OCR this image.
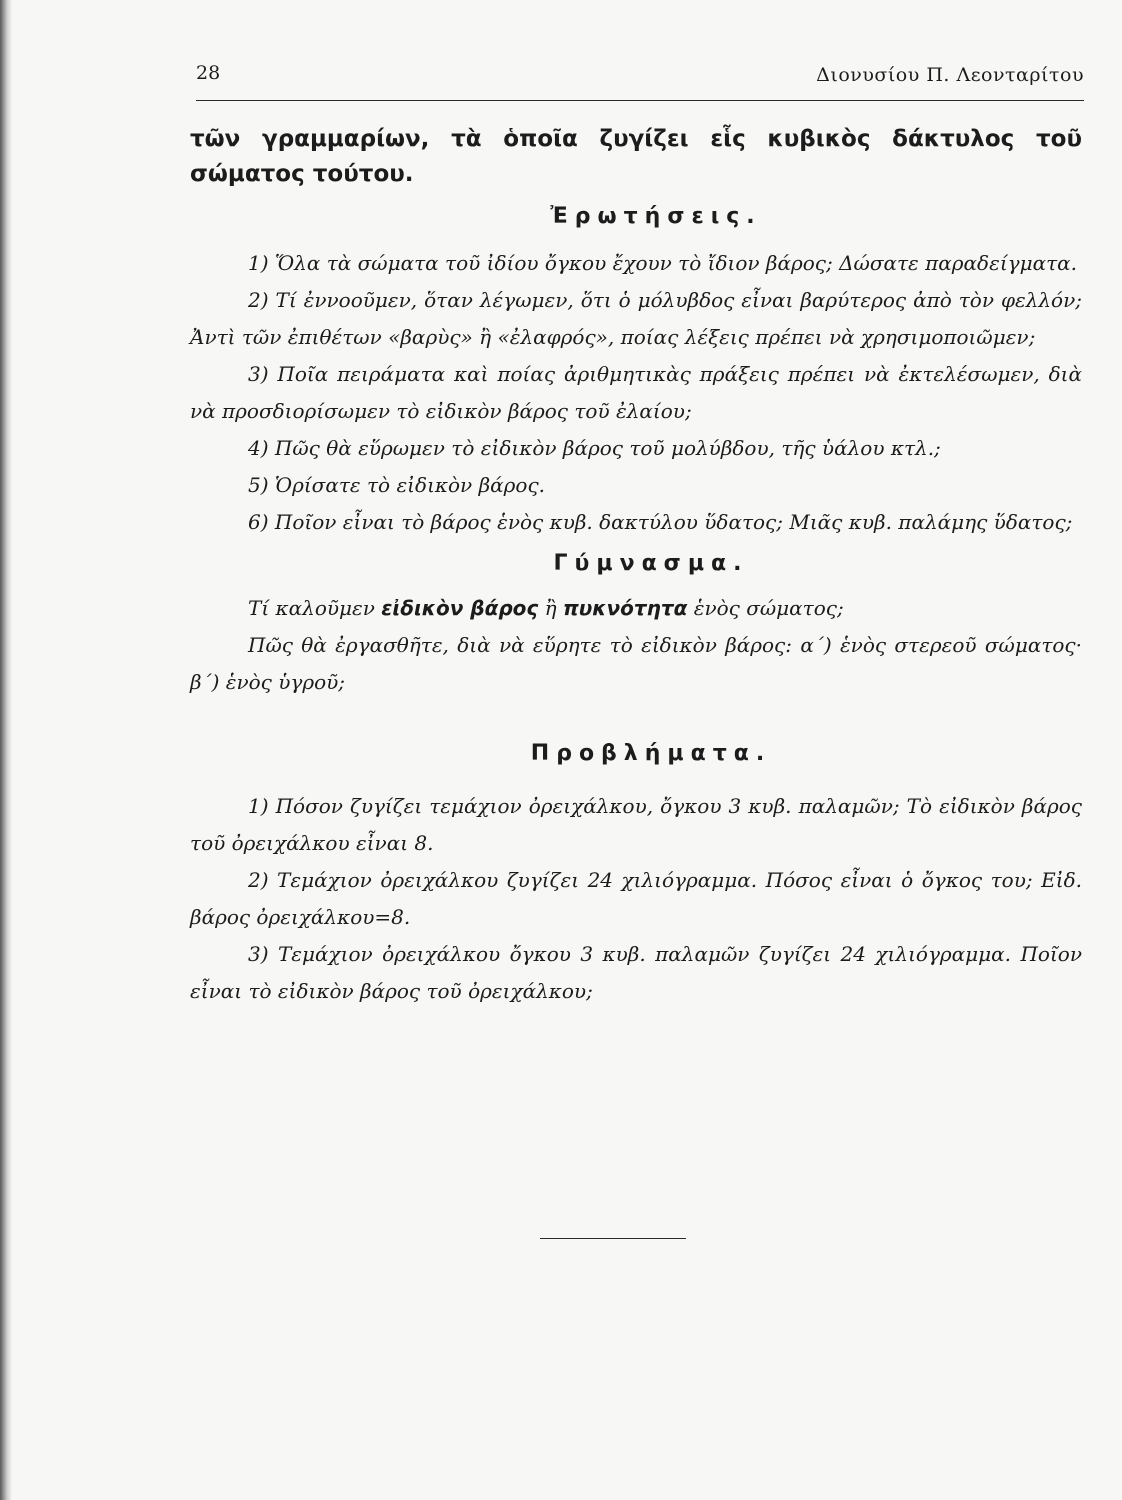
28	Διονυσίου Π. Λεονταρίτου

τῶν γραμμαρίων, τὰ ὁποῖα ζυγίζει εἷς κυβικὸς δάκτυλος τοῦ σώματος τούτου.

Ἐρωτήσεις.

1) Ὅλα τὰ σώματα τοῦ ἰδίου ὄγκου ἔχουν τὸ ἴδιον βάρος; Δώσατε παραδείγματα.

2) Τί ἐννοοῦμεν, ὅταν λέγωμεν, ὅτι ὁ μόλυβδος εἶναι βαρύτερος ἀπὸ τὸν φελλόν; Ἀντὶ τῶν ἐπιθέτων «βαρὺς» ἢ «ἐλαφρός», ποίας λέξεις πρέπει νὰ χρησιμοποιῶμεν;

3) Ποῖα πειράματα καὶ ποίας ἀριθμητικὰς πράξεις πρέπει νὰ ἐκτελέσωμεν, διὰ νὰ προσδιορίσωμεν τὸ εἰδικὸν βάρος τοῦ ἐλαίου;

4) Πῶς θὰ εὕρωμεν τὸ εἰδικὸν βάρος τοῦ μολύβδου, τῆς ὑάλου κτλ.;

5) Ὁρίσατε τὸ εἰδικὸν βάρος.

6) Ποῖον εἶναι τὸ βάρος ἑνὸς κυβ. δακτύλου ὕδατος; Μιᾶς κυβ. παλάμης ὕδατος;

Γύμνασμα.

Τί καλοῦμεν εἰδικὸν βάρος ἢ πυκνότητα ἑνὸς σώματος;

Πῶς θὰ ἐργασθῆτε, διὰ νὰ εὕρητε τὸ εἰδικὸν βάρος: α΄) ἑνὸς στερεοῦ σώματος· β΄) ἑνὸς ὑγροῦ;

Προβλήματα.

1) Πόσον ζυγίζει τεμάχιον ὀρειχάλκου, ὄγκου 3 κυβ. παλαμῶν; Τὸ εἰδικὸν βάρος τοῦ ὀρειχάλκου εἶναι 8.

2) Τεμάχιον ὀρειχάλκου ζυγίζει 24 χιλιόγραμμα. Πόσος εἶναι ὁ ὄγκος του; Εἰδ. βάρος ὀρειχάλκου=8.

3) Τεμάχιον ὀρειχάλκου ὄγκου 3 κυβ. παλαμῶν ζυγίζει 24 χιλιόγραμμα. Ποῖον εἶναι τὸ εἰδικὸν βάρος τοῦ ὀρειχάλκου;
